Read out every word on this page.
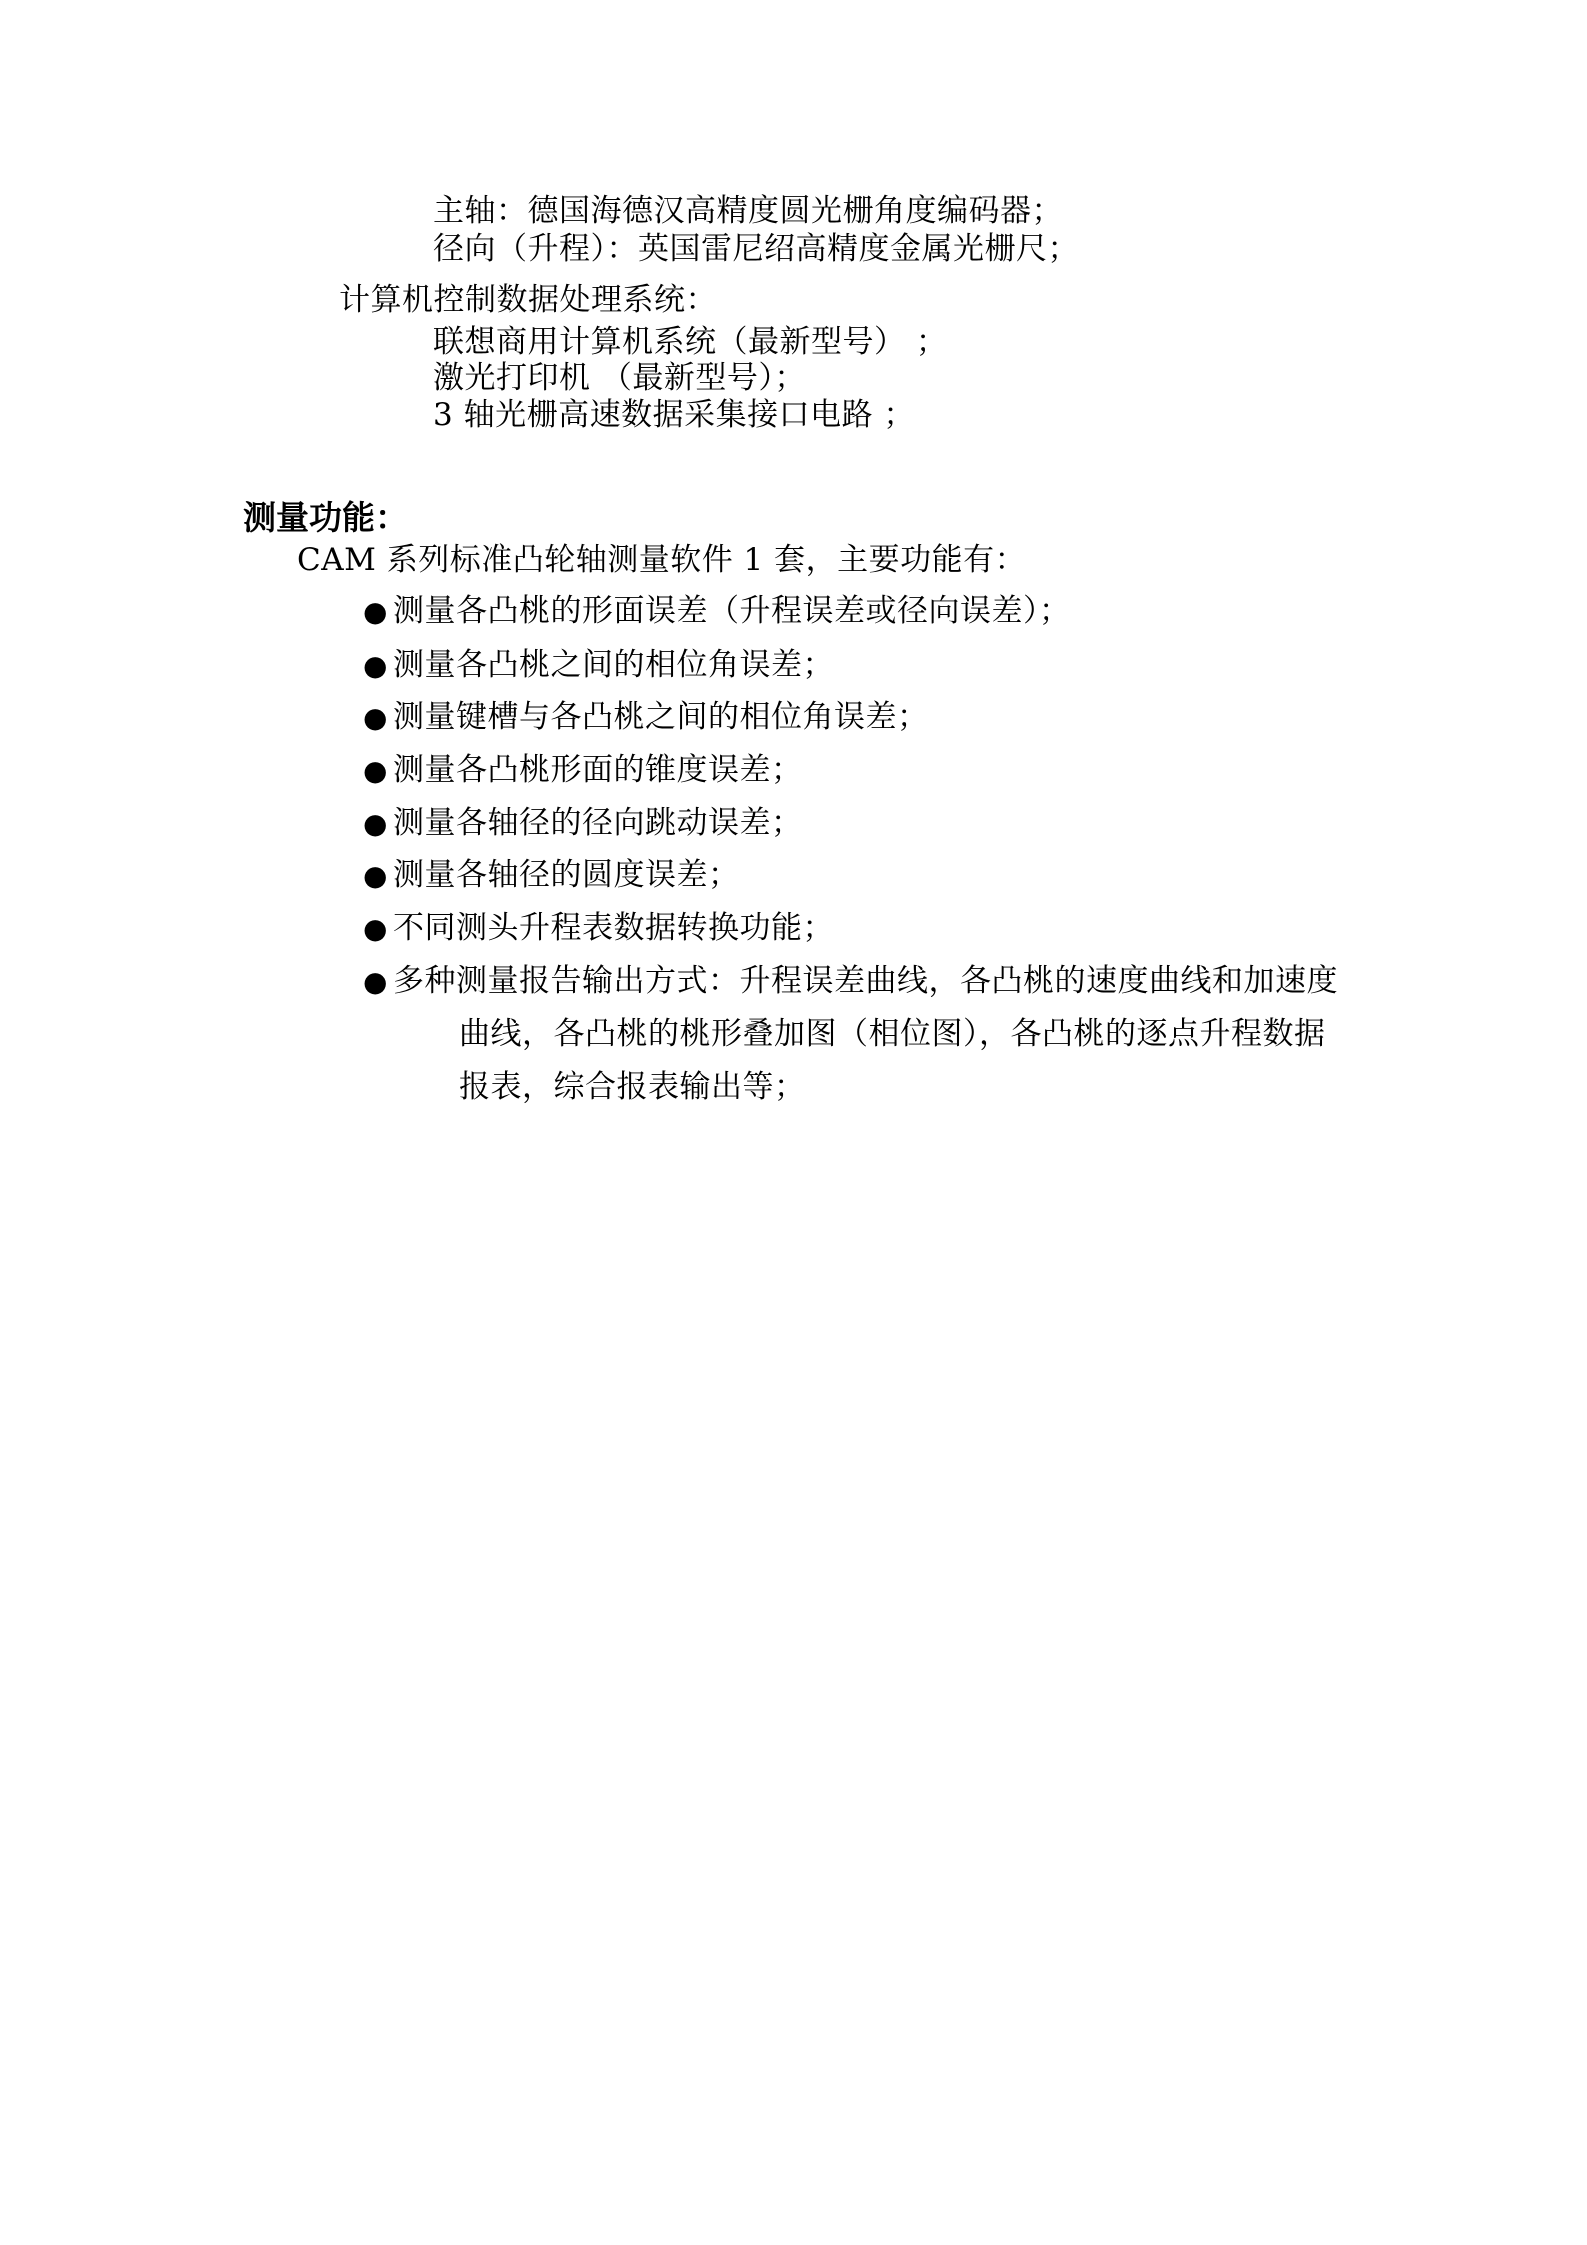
主轴：德国海德汉高精度圆光栅角度编码器；
径向（升程）：英国雷尼绍高精度金属光栅尺；
计算机控制数据处理系统：
联想商用计算机系统（最新型号） ；
激光打印机 （最新型号）；
3 轴光栅高速数据采集接口电路 ；
测量功能：
CAM 系列标准凸轮轴测量软件 1 套，主要功能有：
● 测量各凸桃的形面误差（升程误差或径向误差）；
● 测量各凸桃之间的相位角误差；
● 测量键槽与各凸桃之间的相位角误差；
● 测量各凸桃形面的锥度误差；
● 测量各轴径的径向跳动误差；
● 测量各轴径的圆度误差；
● 不同测头升程表数据转换功能；
● 多种测量报告输出方式：升程误差曲线，各凸桃的速度曲线和加速度
曲线，各凸桃的桃形叠加图（相位图），各凸桃的逐点升程数据
报表，综合报表输出等；
